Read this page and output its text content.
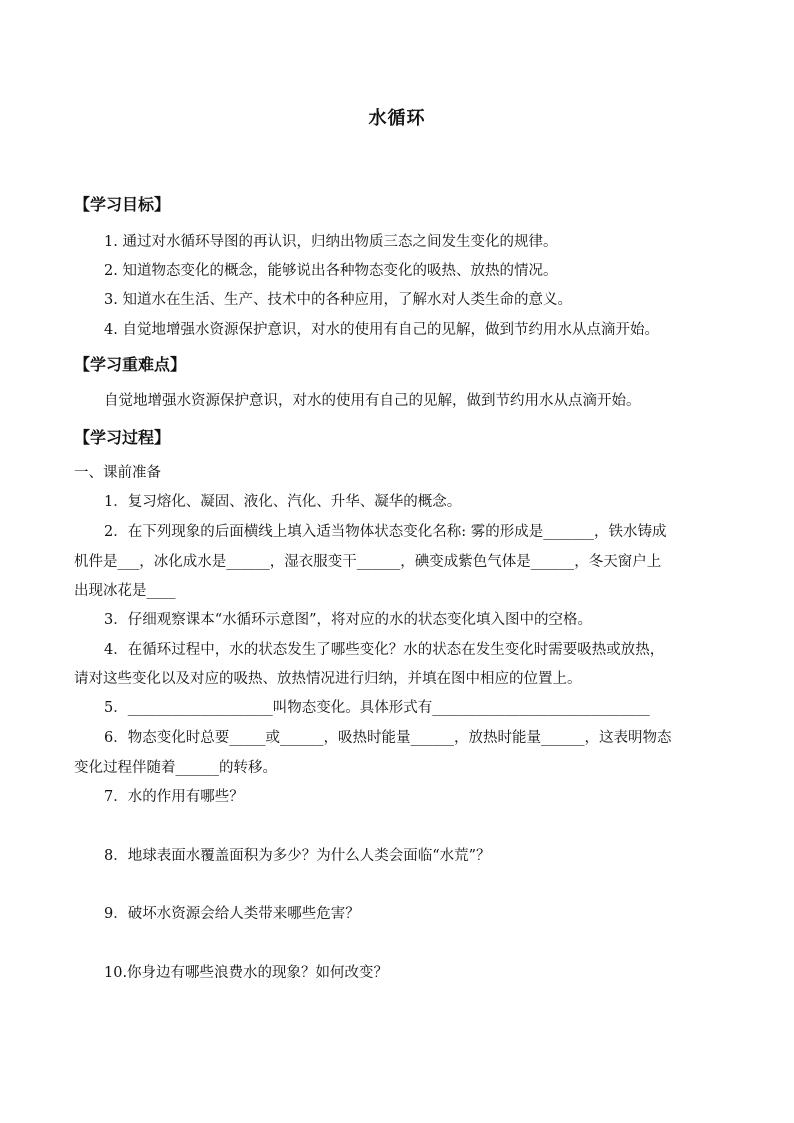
水循环
【学习目标】
1. 通过对水循环导图的再认识，归纳出物质三态之间发生变化的规律。
2. 知道物态变化的概念，能够说出各种物态变化的吸热、放热的情况。
3. 知道水在生活、生产、技术中的各种应用，了解水对人类生命的意义。
4. 自觉地增强水资源保护意识，对水的使用有自己的见解，做到节约用水从点滴开始。
【学习重难点】
自觉地增强水资源保护意识，对水的使用有自己的见解，做到节约用水从点滴开始。
【学习过程】
一、课前准备
1．复习熔化、凝固、液化、汽化、升华、凝华的概念。
2．在下列现象的后面横线上填入适当物体状态变化名称: 雾的形成是_______，铁水铸成
机件是___，冰化成水是______，湿衣服变干______，碘变成紫色气体是______，冬天窗户上
出现冰花是____
3．仔细观察课本“水循环示意图”，将对应的水的状态变化填入图中的空格。
4．在循环过程中，水的状态发生了哪些变化？水的状态在发生变化时需要吸热或放热，
请对这些变化以及对应的吸热、放热情况进行归纳，并填在图中相应的位置上。
5．____________________叫物态变化。具体形式有______________________________
6．物态变化时总要_____或______，吸热时能量______，放热时能量______，这表明物态
变化过程伴随着______的转移。
7．水的作用有哪些？
8．地球表面水覆盖面积为多少？为什么人类会面临“水荒”？
9．破坏水资源会给人类带来哪些危害？
10.你身边有哪些浪费水的现象？如何改变？
